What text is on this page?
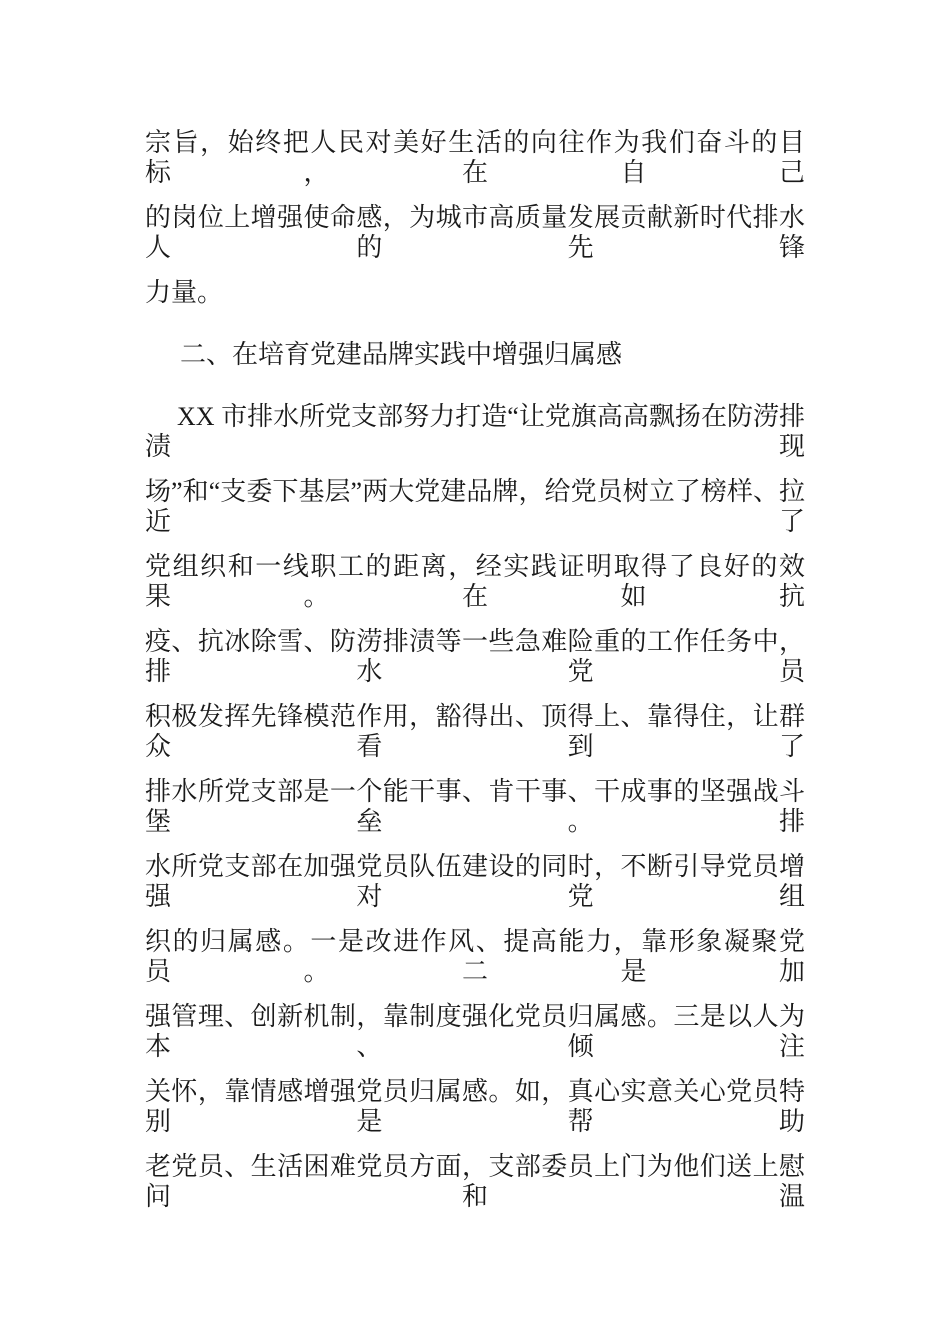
宗旨，始终把人民对美好生活的向往作为我们奋斗的目标，在自己
的岗位上增强使命感，为城市高质量发展贡献新时代排水人的先锋
力量。
二、在培育党建品牌实践中增强归属感
XX 市排水所党支部努力打造“让党旗高高飘扬在防涝排渍现
场”和“支委下基层”两大党建品牌，给党员树立了榜样、拉近了
党组织和一线职工的距离，经实践证明取得了良好的效果。在如抗
疫、抗冰除雪、防涝排渍等一些急难险重的工作任务中，排水党员
积极发挥先锋模范作用，豁得出、顶得上、靠得住，让群众看到了
排水所党支部是一个能干事、肯干事、干成事的坚强战斗堡垒。排
水所党支部在加强党员队伍建设的同时，不断引导党员增强对党组
织的归属感。一是改进作风、提高能力，靠形象凝聚党员。二是加
强管理、创新机制，靠制度强化党员归属感。三是以人为本、倾注
关怀，靠情感增强党员归属感。如，真心实意关心党员特别是帮助
老党员、生活困难党员方面，支部委员上门为他们送上慰问和温
